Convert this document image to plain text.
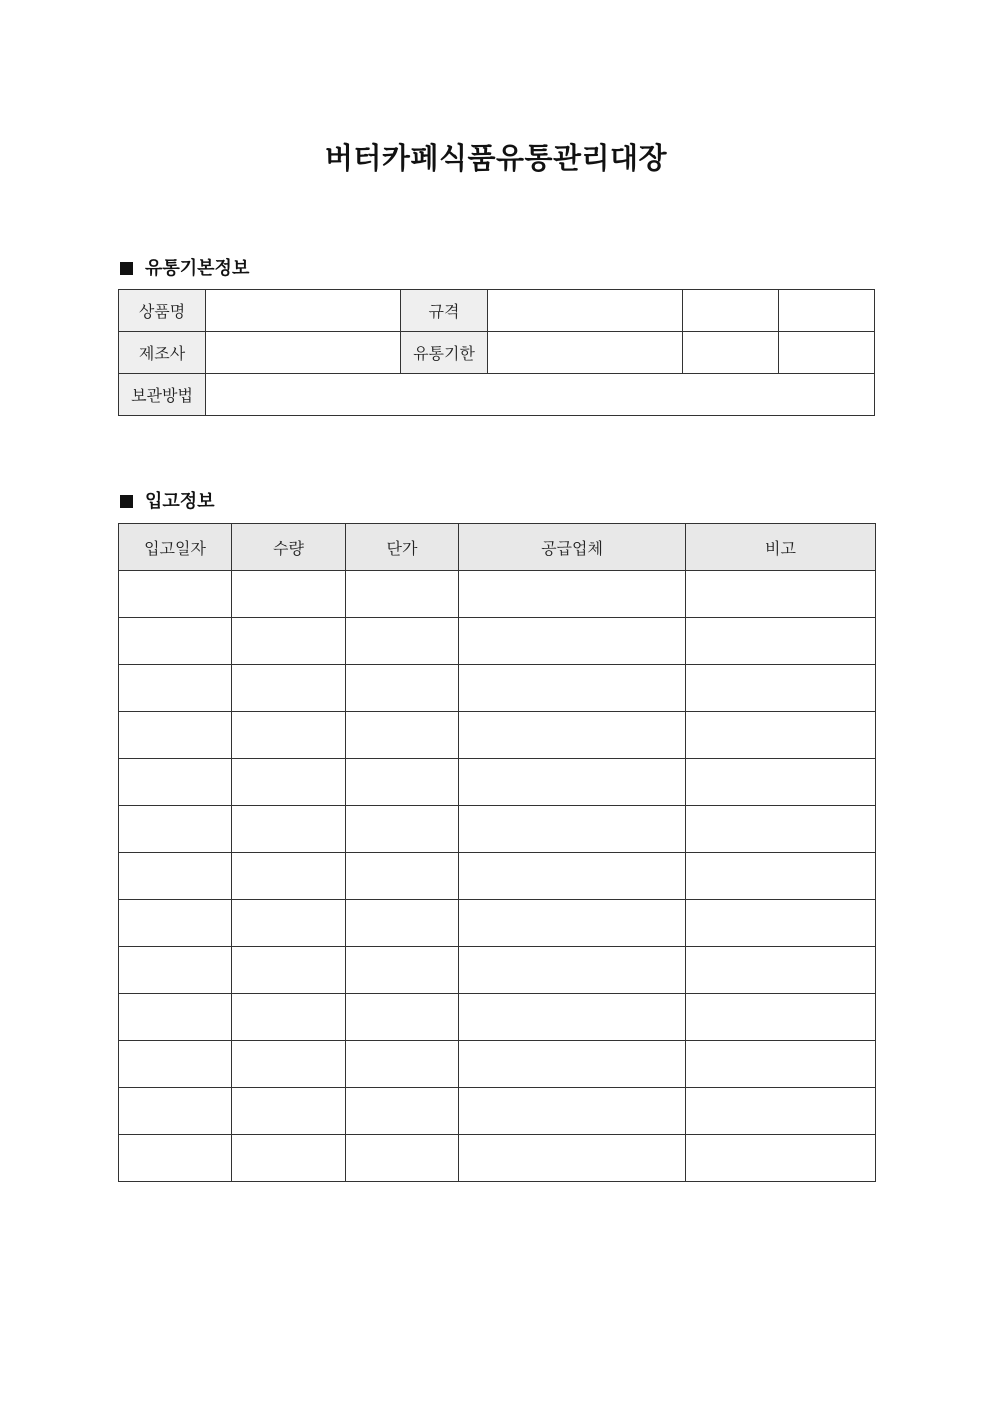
버터카페식품유통관리대장
유통기본정보
상품명		규격			
제조사		유통기한			
보관방법					
입고정보
입고일자	수량	단가	공급업체	비고
